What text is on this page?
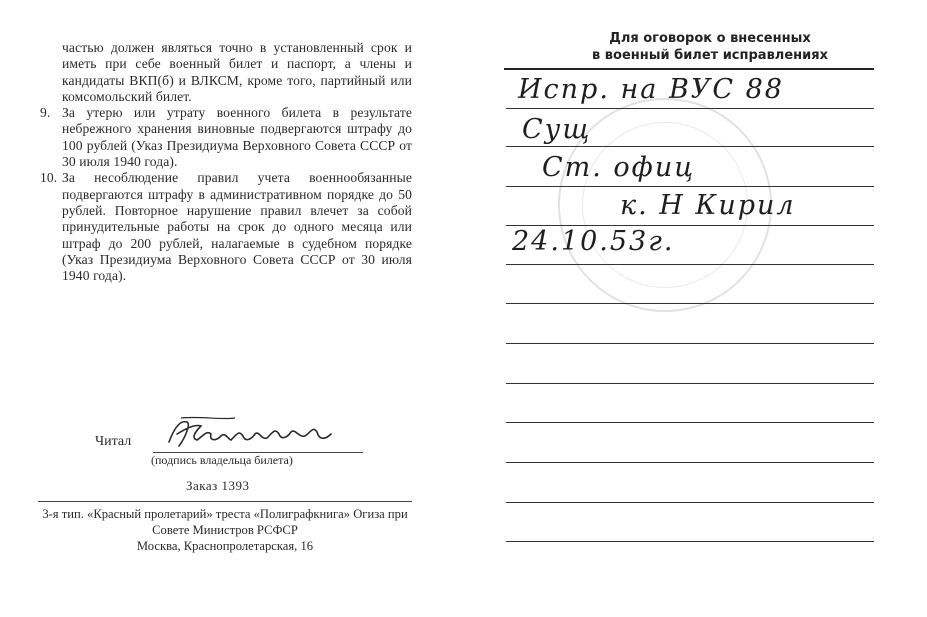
частью должен являться точно в установленный срок и иметь при себе военный билет и паспорт, а члены и кандидаты ВКП(б) и ВЛКСМ, кроме того, партийный или комсомольский билет.

9. За утерю или утрату военного билета в результате небрежного хранения виновные подвергаются штрафу до 100 рублей (Указ Президиума Верховного Совета СССР от 30 июля 1940 года).
10. За несоблюдение правил учета военнообязанные подвергаются штрафу в административном порядке до 50 рублей. Повторное нарушение правил влечет за собой принудительные работы на срок до одного месяца или штраф до 200 рублей, налагаемые в судебном порядке (Указ Президиума Верховного Совета СССР от 30 июля 1940 года).
Читал
(подпись владельца билета)
Заказ 1393
3-я тип. «Красный пролетарий» треста «Полиграфкнига» Огиза при Совете Министров РСФСР
Москва, Краснопролетарская, 16
Для оговорок о внесенных
в военный билет исправлениях
Испр. на ВУС 88
Сущ
Ст. офиц
к. Н Кирил
24.10.53г.
